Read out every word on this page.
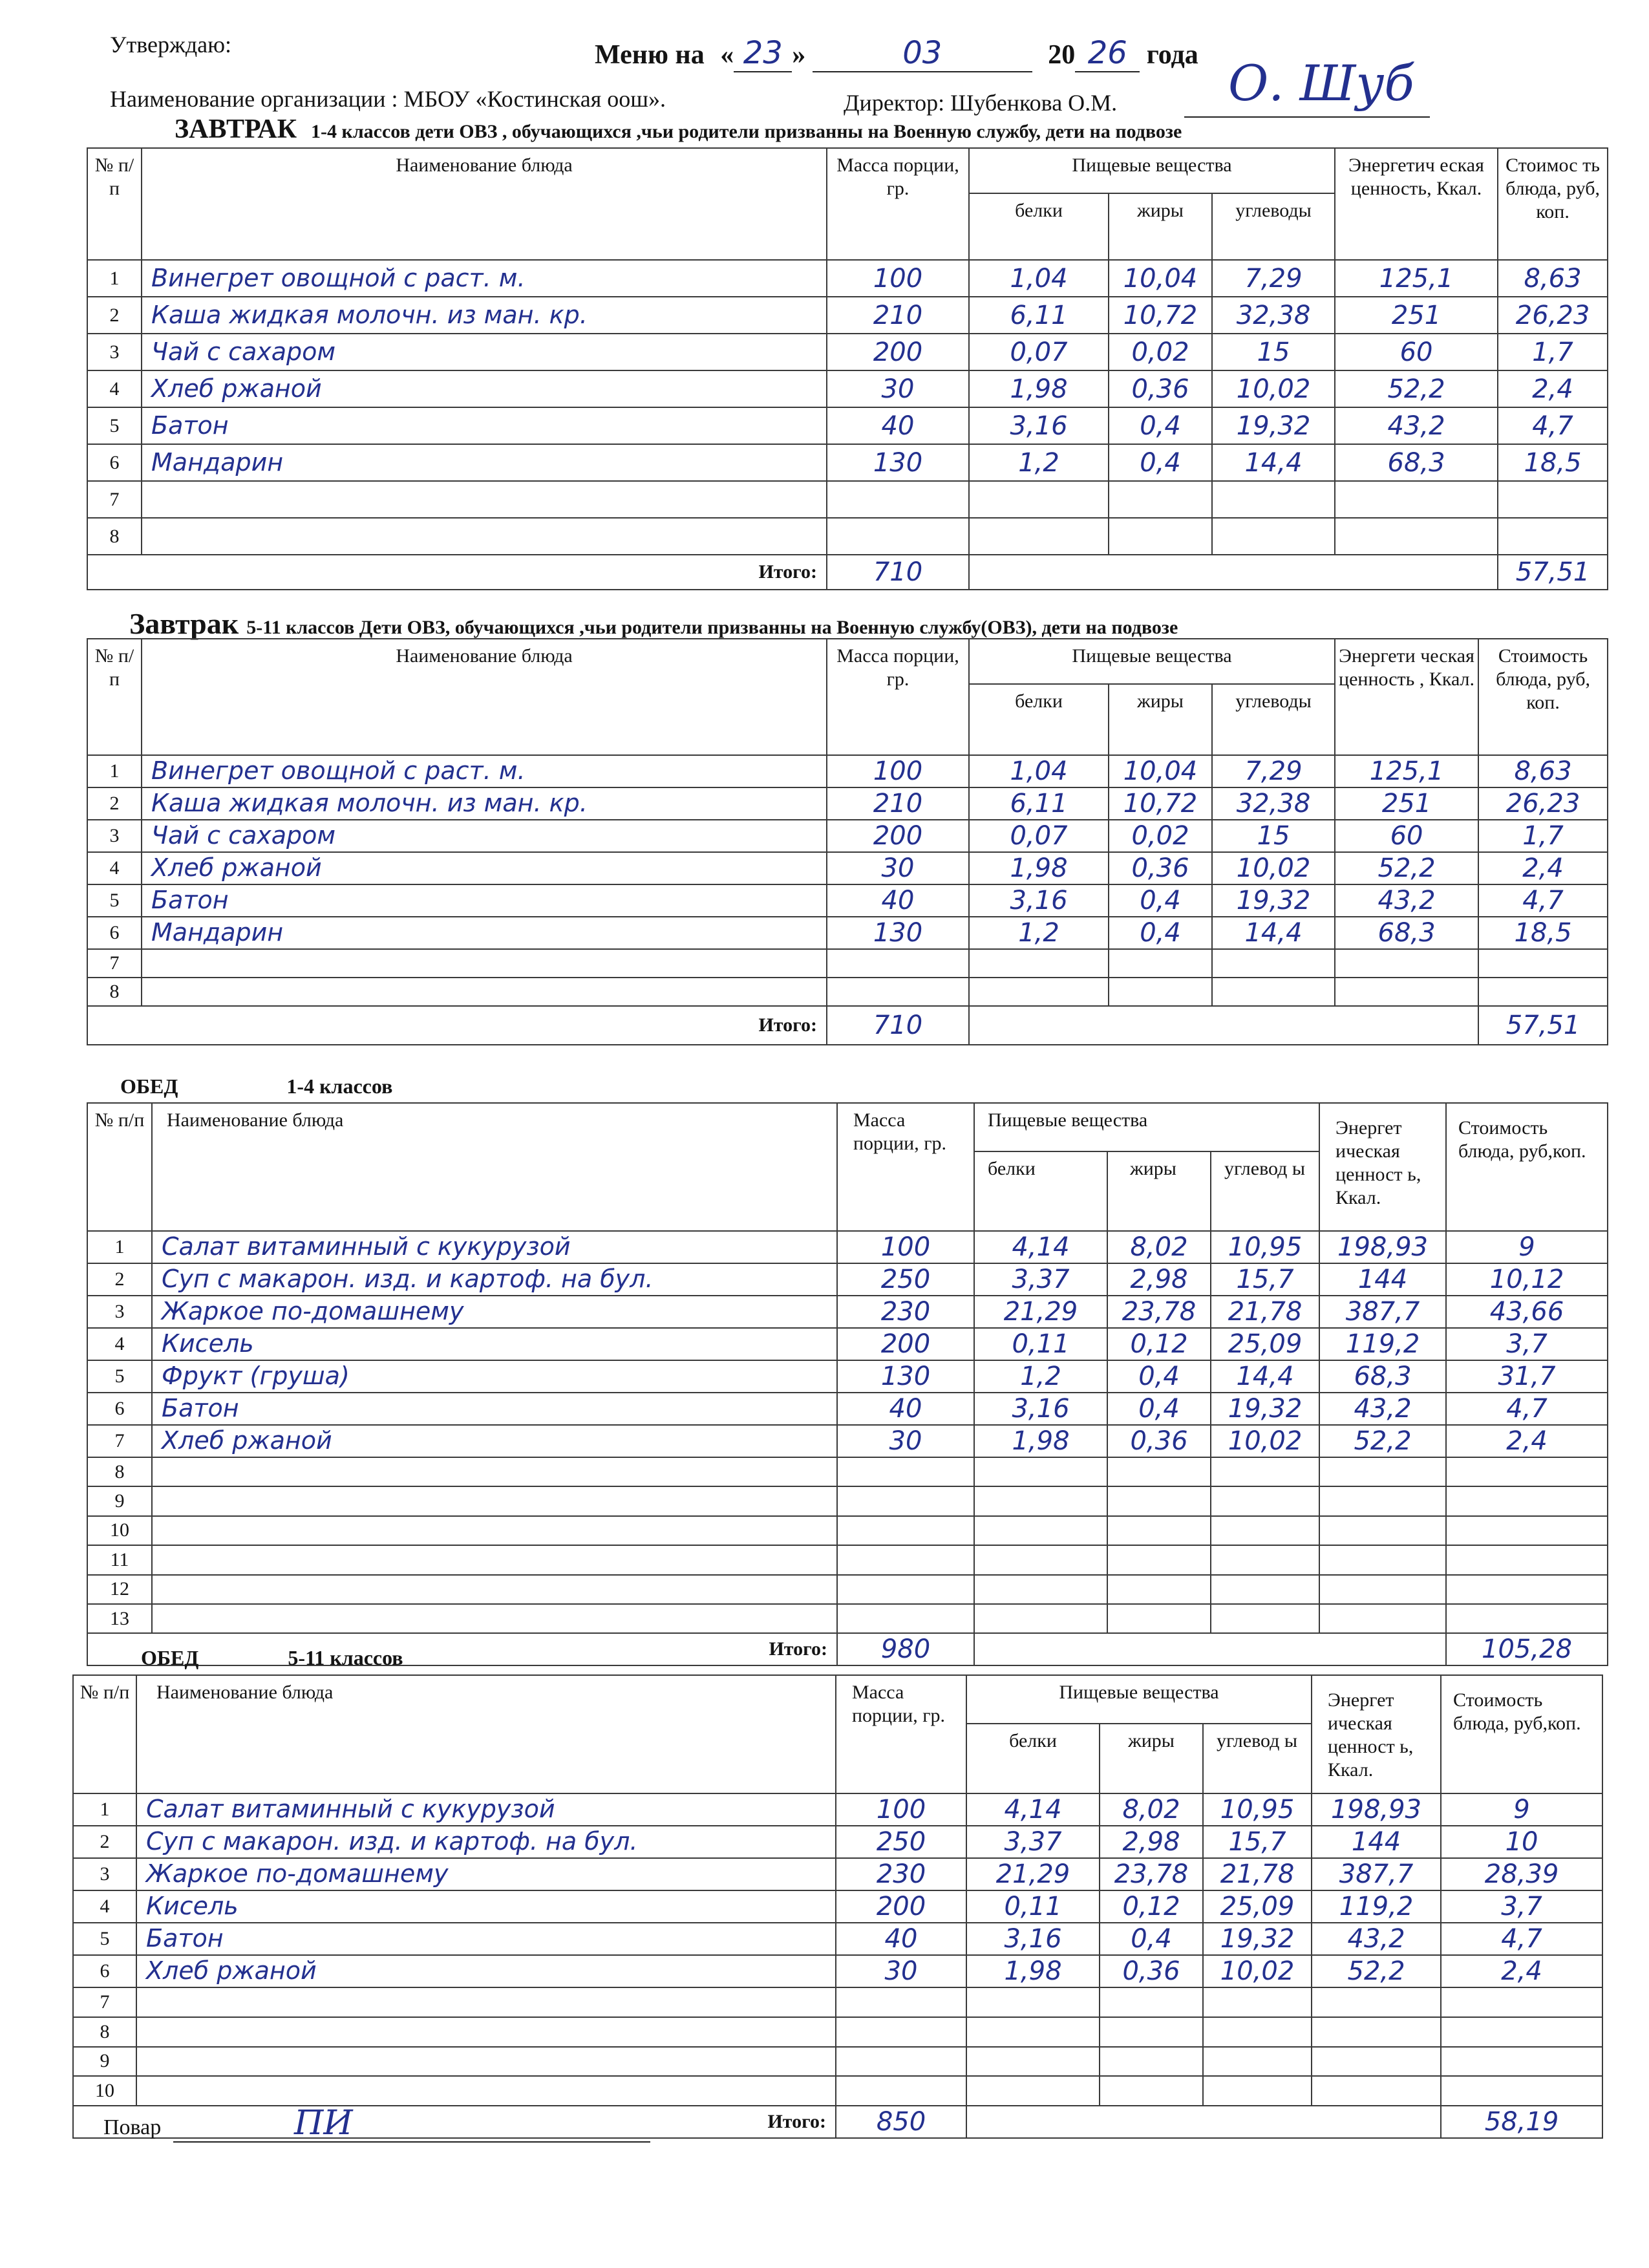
Утверждаю:	Меню на « 23 »	03	20 26 года
Наименование организации : МБОУ «Костинская оош».	Директор: Шубенкова О.М. О. Шуб
ЗАВТРАК 1-4 классов дети ОВЗ , обучающихся ,чьи родители призванны на Военную службу, дети на подвозе
№ п/ п	Наименование блюда	Масса порции, гр.	Пищевые вещества			Энергетич еская ценность, Ккал.	Стоимос ть блюда, руб, коп.
			белки	жиры	углеводы		
1	Винегрет овощной с раст. м.	100	1,04	10,04	7,29	125,1	8,63
2	Каша жидкая молочн. из ман. кр.	210	6,11	10,72	32,38	251	26,23
3	Чай с сахаром	200	0,07	0,02	15	60	1,7
4	Хлеб ржаной	30	1,98	0,36	10,02	52,2	2,4
5	Батон	40	3,16	0,4	19,32	43,2	4,7
6	Мандарин	130	1,2	0,4	14,4	68,3	18,5
7							
8							
Итого:		710					57,51
Завтрак 5-11 классов Дети ОВЗ, обучающихся ,чьи родители призванны на Военную службу(ОВЗ), дети на подвозе
№ п/ п	Наименование блюда	Масса порции, гр.	Пищевые вещества			Энергети ческая ценность , Ккал.	Стоимость блюда, руб, коп.
			белки	жиры	углеводы		
1	Винегрет овощной с раст. м.	100	1,04	10,04	7,29	125,1	8,63
2	Каша жидкая молочн. из ман. кр.	210	6,11	10,72	32,38	251	26,23
3	Чай с сахаром	200	0,07	0,02	15	60	1,7
4	Хлеб ржаной	30	1,98	0,36	10,02	52,2	2,4
5	Батон	40	3,16	0,4	19,32	43,2	4,7
6	Мандарин	130	1,2	0,4	14,4	68,3	18,5
7							
8							
Итого:		710					57,51
ОБЕД	1-4 классов
№ п/п	Наименование блюда	Масса порции, гр.	Пищевые вещества			Энергет ическая ценност ь, Ккал.	Стоимость блюда, руб,коп.
			белки	жиры	углевод ы		
1	Салат витаминный с кукурузой	100	4,14	8,02	10,95	198,93	9
2	Суп с макарон. изд. и картоф. на бул.	250	3,37	2,98	15,7	144	10,12
3	Жаркое по-домашнему	230	21,29	23,78	21,78	387,7	43,66
4	Кисель	200	0,11	0,12	25,09	119,2	3,7
5	Фрукт (груша)	130	1,2	0,4	14,4	68,3	31,7
6	Батон	40	3,16	0,4	19,32	43,2	4,7
7	Хлеб ржаной	30	1,98	0,36	10,02	52,2	2,4
8							
9							
10							
11							
12							
13							
Итого:		980					105,28
ОБЕД	5-11 классов
№ п/п	Наименование блюда	Масса порции, гр.	Пищевые вещества			Энергет ическая ценност ь, Ккал.	Стоимость блюда, руб,коп.
			белки	жиры	углевод ы		
1	Салат витаминный с кукурузой	100	4,14	8,02	10,95	198,93	9
2	Суп с макарон. изд. и картоф. на бул.	250	3,37	2,98	15,7	144	10
3	Жаркое по-домашнему	230	21,29	23,78	21,78	387,7	28,39
4	Кисель	200	0,11	0,12	25,09	119,2	3,7
5	Батон	40	3,16	0,4	19,32	43,2	4,7
6	Хлеб ржаной	30	1,98	0,36	10,02	52,2	2,4
7							
8							
9							
10							
Итого:		850					58,19
Повар	ПИ
